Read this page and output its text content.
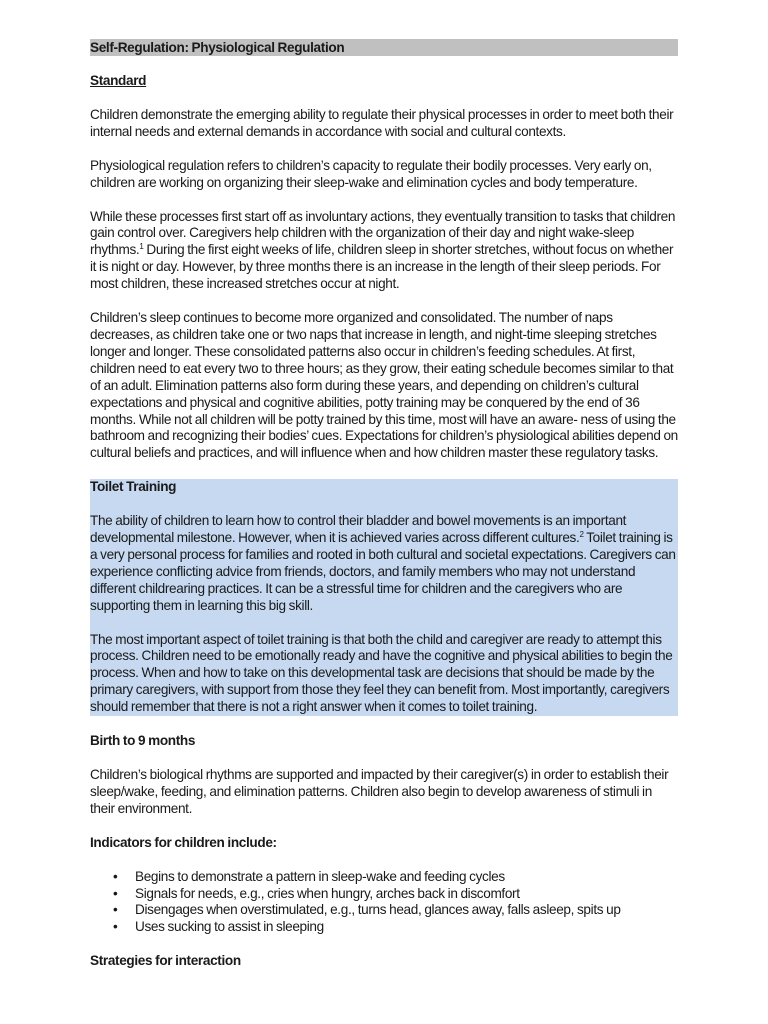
Self-Regulation: Physiological Regulation
Standard

Children demonstrate the emerging ability to regulate their physical processes in order to meet both their internal needs and external demands in accordance with social and cultural contexts.

Physiological regulation refers to children’s capacity to regulate their bodily processes. Very early on, children are working on organizing their sleep-wake and elimination cycles and body temperature.

While these processes first start off as involuntary actions, they eventually transition to tasks that children gain control over. Caregivers help children with the organization of their day and night wake-sleep rhythms.$^1$ During the first eight weeks of life, children sleep in shorter stretches, without focus on whether it is night or day. However, by three months there is an increase in the length of their sleep periods. For most children, these increased stretches occur at night.

Children’s sleep continues to become more organized and consolidated. The number of naps decreases, as children take one or two naps that increase in length, and night-time sleeping stretches longer and longer. These consolidated patterns also occur in children’s feeding schedules. At first, children need to eat every two to three hours; as they grow, their eating schedule becomes similar to that of an adult. Elimination patterns also form during these years, and depending on children’s cultural expectations and physical and cognitive abilities, potty training may be conquered by the end of 36 months. While not all children will be potty trained by this time, most will have an aware- ness of using the bathroom and recognizing their bodies’ cues. Expectations for children’s physiological abilities depend on cultural beliefs and practices, and will influence when and how children master these regulatory tasks.

Toilet Training

The ability of children to learn how to control their bladder and bowel movements is an important developmental milestone. However, when it is achieved varies across different cultures.$^2$ Toilet training is a very personal process for families and rooted in both cultural and societal expectations. Caregivers can experience conflicting advice from friends, doctors, and family members who may not understand different childrearing practices. It can be a stressful time for children and the caregivers who are supporting them in learning this big skill.

The most important aspect of toilet training is that both the child and caregiver are ready to attempt this process. Children need to be emotionally ready and have the cognitive and physical abilities to begin the process. When and how to take on this developmental task are decisions that should be made by the primary caregivers, with support from those they feel they can benefit from. Most importantly, caregivers should remember that there is not a right answer when it comes to toilet training.

Birth to 9 months

Children’s biological rhythms are supported and impacted by their caregiver(s) in order to establish their sleep/wake, feeding, and elimination patterns. Children also begin to develop awareness of stimuli in their environment.

Indicators for children include:
• Begins to demonstrate a pattern in sleep-wake and feeding cycles
• Signals for needs, e.g., cries when hungry, arches back in discomfort
• Disengages when overstimulated, e.g., turns head, glances away, falls asleep, spits up
• Uses sucking to assist in sleeping
Strategies for interaction
